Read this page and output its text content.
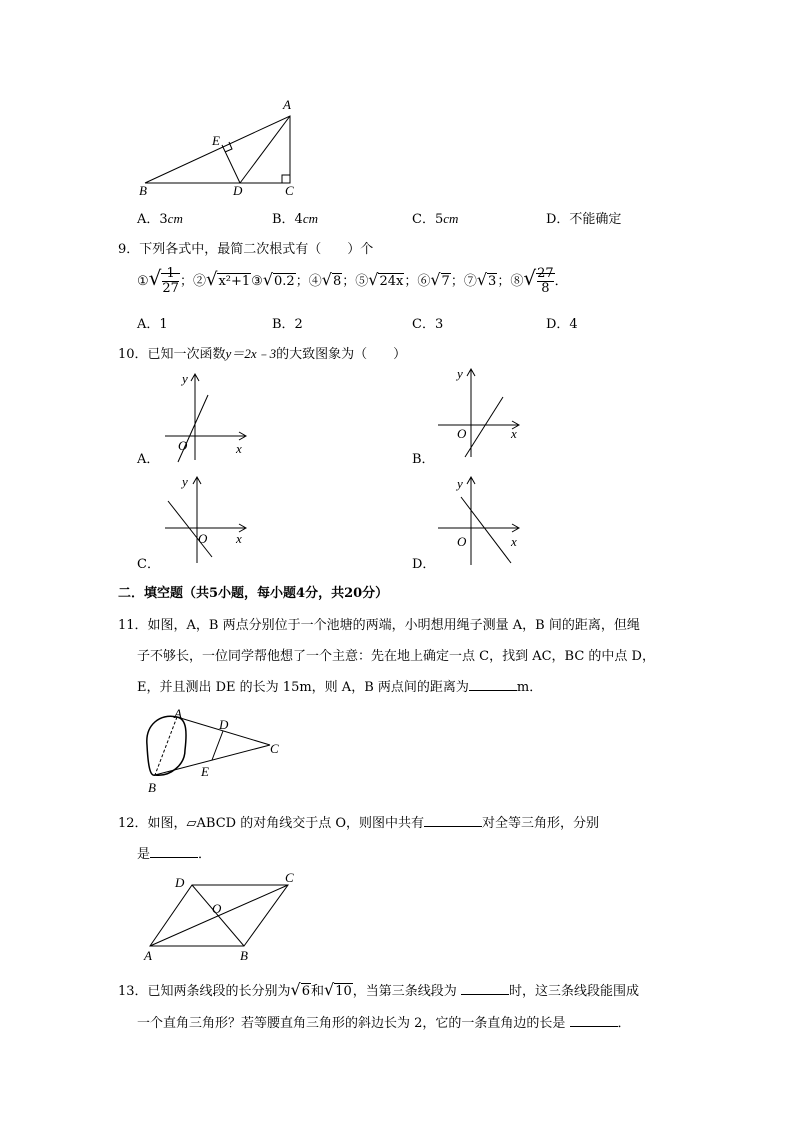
A
E
B	D	C
A．3cm	B．4cm	C．5cm	D．不能确定
9．下列各式中，最简二次根式有（　　）个
①√ $\frac{1}{27}$ ；②√x²+1③√0.2；④√8；⑤√24x；⑥√7；⑦√3；⑧√ $\frac{27}{8}$ ．
A．1	B．2	C．3	D．4
10．已知一次函数y＝2x﹣3的大致图象为（　　）
y
O	x
A．
y
O	x
B．
y
O x
C．
y
O	x
D．
二．填空题（共5小题，每小题4分，共20分）
11．如图，A，B 两点分别位于一个池塘的两端，小明想用绳子测量 A，B 间的距离，但绳
子不够长，一位同学帮他想了一个主意：先在地上确定一点 C，找到 AC，BC 的中点 D，
E，并且测出 DE 的长为 15m，则 A，B 两点间的距离为	m．
A
D
C
E
B
12．如图，▱ABCD 的对角线交于点 O，则图中共有	对全等三角形，分别
是	．
D	C
O
A	B
13．已知两条线段的长分别为√6和√10，当第三条线段为	时，这三条线段能围成
一个直角三角形？若等腰直角三角形的斜边长为 2，它的一条直角边的长是	．
